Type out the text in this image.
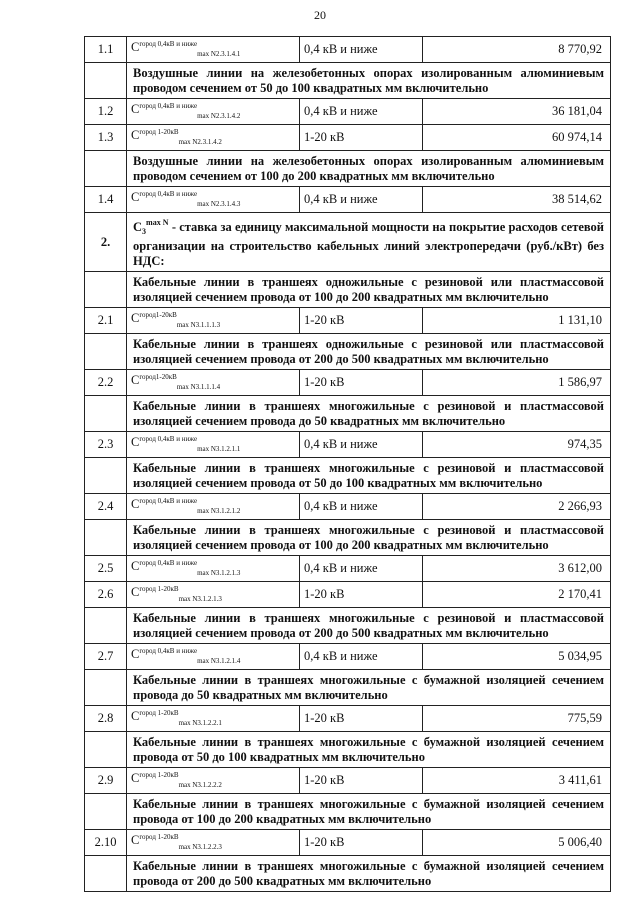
20
1.1	$C^{город 0,4кВ и ниже}_{max N2.3.1.4.1}$	0,4 кВ и ниже	8 770,92
	Воздушные линии на железобетонных опорах изолированным алюминиевым проводом сечением от 50 до 100 квадратных мм включительно		
1.2	$C^{город 0,4кВ и ниже}_{max N2.3.1.4.2}$	0,4 кВ и ниже	36 181,04
1.3	$C^{город 1-20кВ}_{max N2.3.1.4.2}$	1-20 кВ	60 974,14
	Воздушные линии на железобетонных опорах изолированным алюминиевым проводом сечением от 100 до 200 квадратных мм включительно		
1.4	$C^{город 0,4кВ и ниже}_{max N2.3.1.4.3}$	0,4 кВ и ниже	38 514,62
2.	$C_3^{max N}$ - ставка за единицу максимальной мощности на покрытие расходов сетевой организации на строительство кабельных линий электропередачи (руб./кВт) без НДС:		
	Кабельные линии в траншеях одножильные с резиновой или пластмассовой изоляцией сечением провода от 100 до 200 квадратных мм включительно		
2.1	$C^{город1-20кВ}_{max N3.1.1.1.3}$	1-20 кВ	1 131,10
	Кабельные линии в траншеях одножильные с резиновой или пластмассовой изоляцией сечением провода от 200 до 500 квадратных мм включительно		
2.2	$C^{город1-20кВ}_{max N3.1.1.1.4}$	1-20 кВ	1 586,97
	Кабельные линии в траншеях многожильные с резиновой и пластмассовой изоляцией сечением провода до 50 квадратных мм включительно		
2.3	$C^{город 0,4кВ и ниже}_{max N3.1.2.1.1}$	0,4 кВ и ниже	974,35
	Кабельные линии в траншеях многожильные с резиновой и пластмассовой изоляцией сечением провода от 50 до 100 квадратных мм включительно		
2.4	$C^{город 0,4кВ и ниже}_{max N3.1.2.1.2}$	0,4 кВ и ниже	2 266,93
	Кабельные линии в траншеях многожильные с резиновой и пластмассовой изоляцией сечением провода от 100 до 200 квадратных мм включительно		
2.5	$C^{город 0,4кВ и ниже}_{max N3.1.2.1.3}$	0,4 кВ и ниже	3 612,00
2.6	$C^{город 1-20кВ}_{max N3.1.2.1.3}$	1-20 кВ	2 170,41
	Кабельные линии в траншеях многожильные с резиновой и пластмассовой изоляцией сечением провода от 200 до 500 квадратных мм включительно		
2.7	$C^{город 0,4кВ и ниже}_{max N3.1.2.1.4}$	0,4 кВ и ниже	5 034,95
	Кабельные линии в траншеях многожильные с бумажной изоляцией сечением провода до 50 квадратных мм включительно		
2.8	$C^{город 1-20кВ}_{max N3.1.2.2.1}$	1-20 кВ	775,59
	Кабельные линии в траншеях многожильные с бумажной изоляцией сечением провода от 50 до 100 квадратных мм включительно		
2.9	$C^{город 1-20кВ}_{max N3.1.2.2.2}$	1-20 кВ	3 411,61
	Кабельные линии в траншеях многожильные с бумажной изоляцией сечением провода от 100 до 200 квадратных мм включительно		
2.10	$C^{город 1-20кВ}_{max N3.1.2.2.3}$	1-20 кВ	5 006,40
	Кабельные линии в траншеях многожильные с бумажной изоляцией сечением провода от 200 до 500 квадратных мм включительно		
